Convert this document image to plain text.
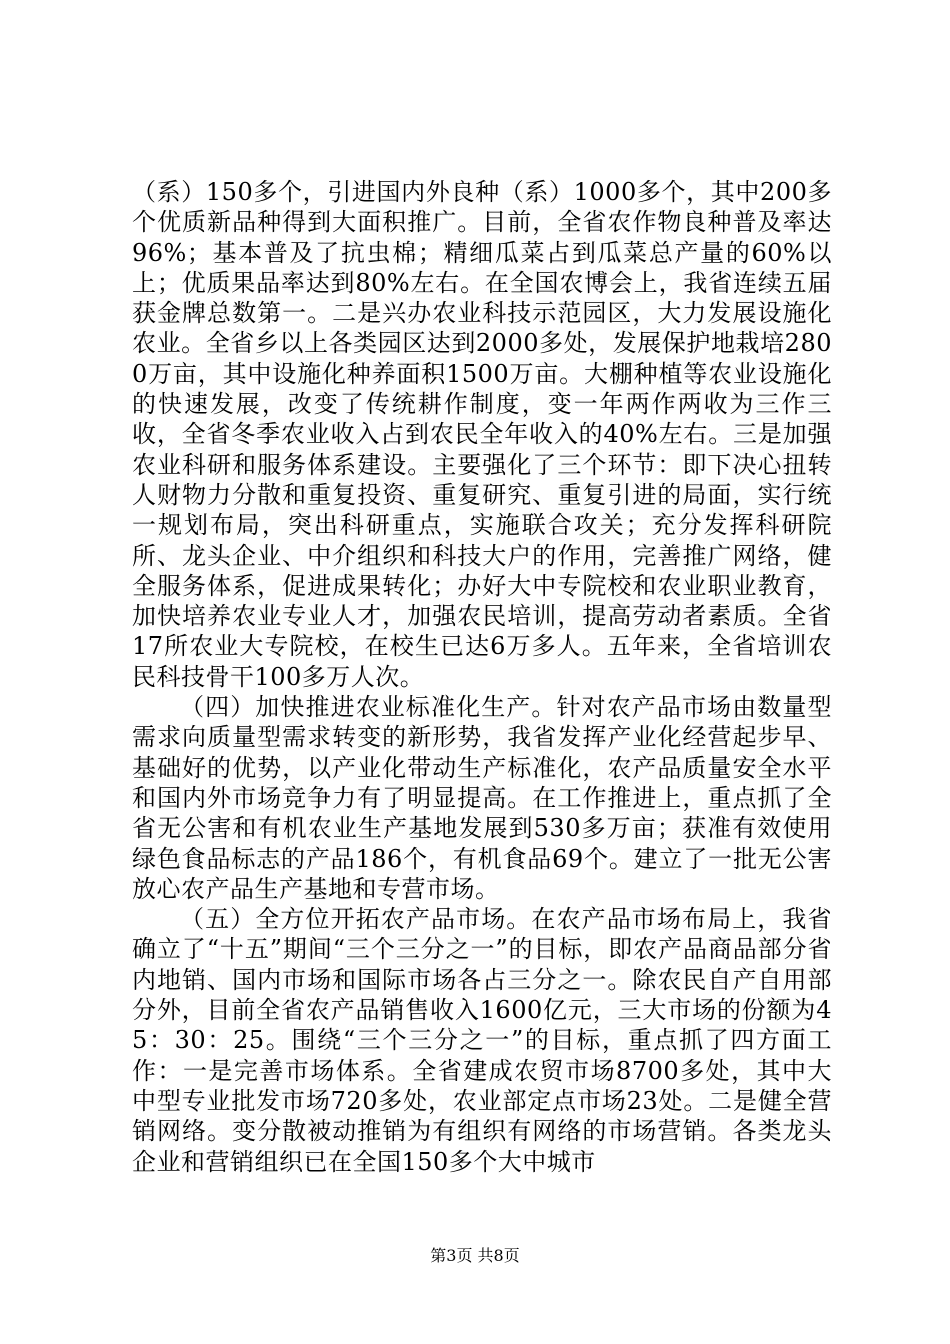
（系）150多个，引进国内外良种（系）1000多个，其中200多个优质新品种得到大面积推广。目前，全省农作物良种普及率达96%；基本普及了抗虫棉；精细瓜菜占到瓜菜总产量的60%以上；优质果品率达到80%左右。在全国农博会上，我省连续五届获金牌总数第一。二是兴办农业科技示范园区，大力发展设施化农业。全省乡以上各类园区达到2000多处，发展保护地栽培2800万亩，其中设施化种养面积1500万亩。大棚种植等农业设施化的快速发展，改变了传统耕作制度，变一年两作两收为三作三收，全省冬季农业收入占到农民全年收入的40%左右。三是加强农业科研和服务体系建设。主要强化了三个环节：即下决心扭转人财物力分散和重复投资、重复研究、重复引进的局面，实行统一规划布局，突出科研重点，实施联合攻关；充分发挥科研院所、龙头企业、中介组织和科技大户的作用，完善推广网络，健全服务体系，促进成果转化；办好大中专院校和农业职业教育，加快培养农业专业人才，加强农民培训，提高劳动者素质。全省17所农业大专院校，在校生已达6万多人。五年来，全省培训农民科技骨干100多万人次。

（四）加快推进农业标准化生产。针对农产品市场由数量型需求向质量型需求转变的新形势，我省发挥产业化经营起步早、基础好的优势，以产业化带动生产标准化，农产品质量安全水平和国内外市场竞争力有了明显提高。在工作推进上，重点抓了全省无公害和有机农业生产基地发展到530多万亩；获准有效使用绿色食品标志的产品186个，有机食品69个。建立了一批无公害放心农产品生产基地和专营市场。

（五）全方位开拓农产品市场。在农产品市场布局上，我省确立了“十五”期间“三个三分之一”的目标，即农产品商品部分省内地销、国内市场和国际市场各占三分之一。除农民自产自用部分外，目前全省农产品销售收入1600亿元，三大市场的份额为45：30：25。围绕“三个三分之一”的目标，重点抓了四方面工作：一是完善市场体系。全省建成农贸市场8700多处，其中大中型专业批发市场720多处，农业部定点市场23处。二是健全营销网络。变分散被动推销为有组织有网络的市场营销。各类龙头企业和营销组织已在全国150多个大中城市

第3页 共8页
